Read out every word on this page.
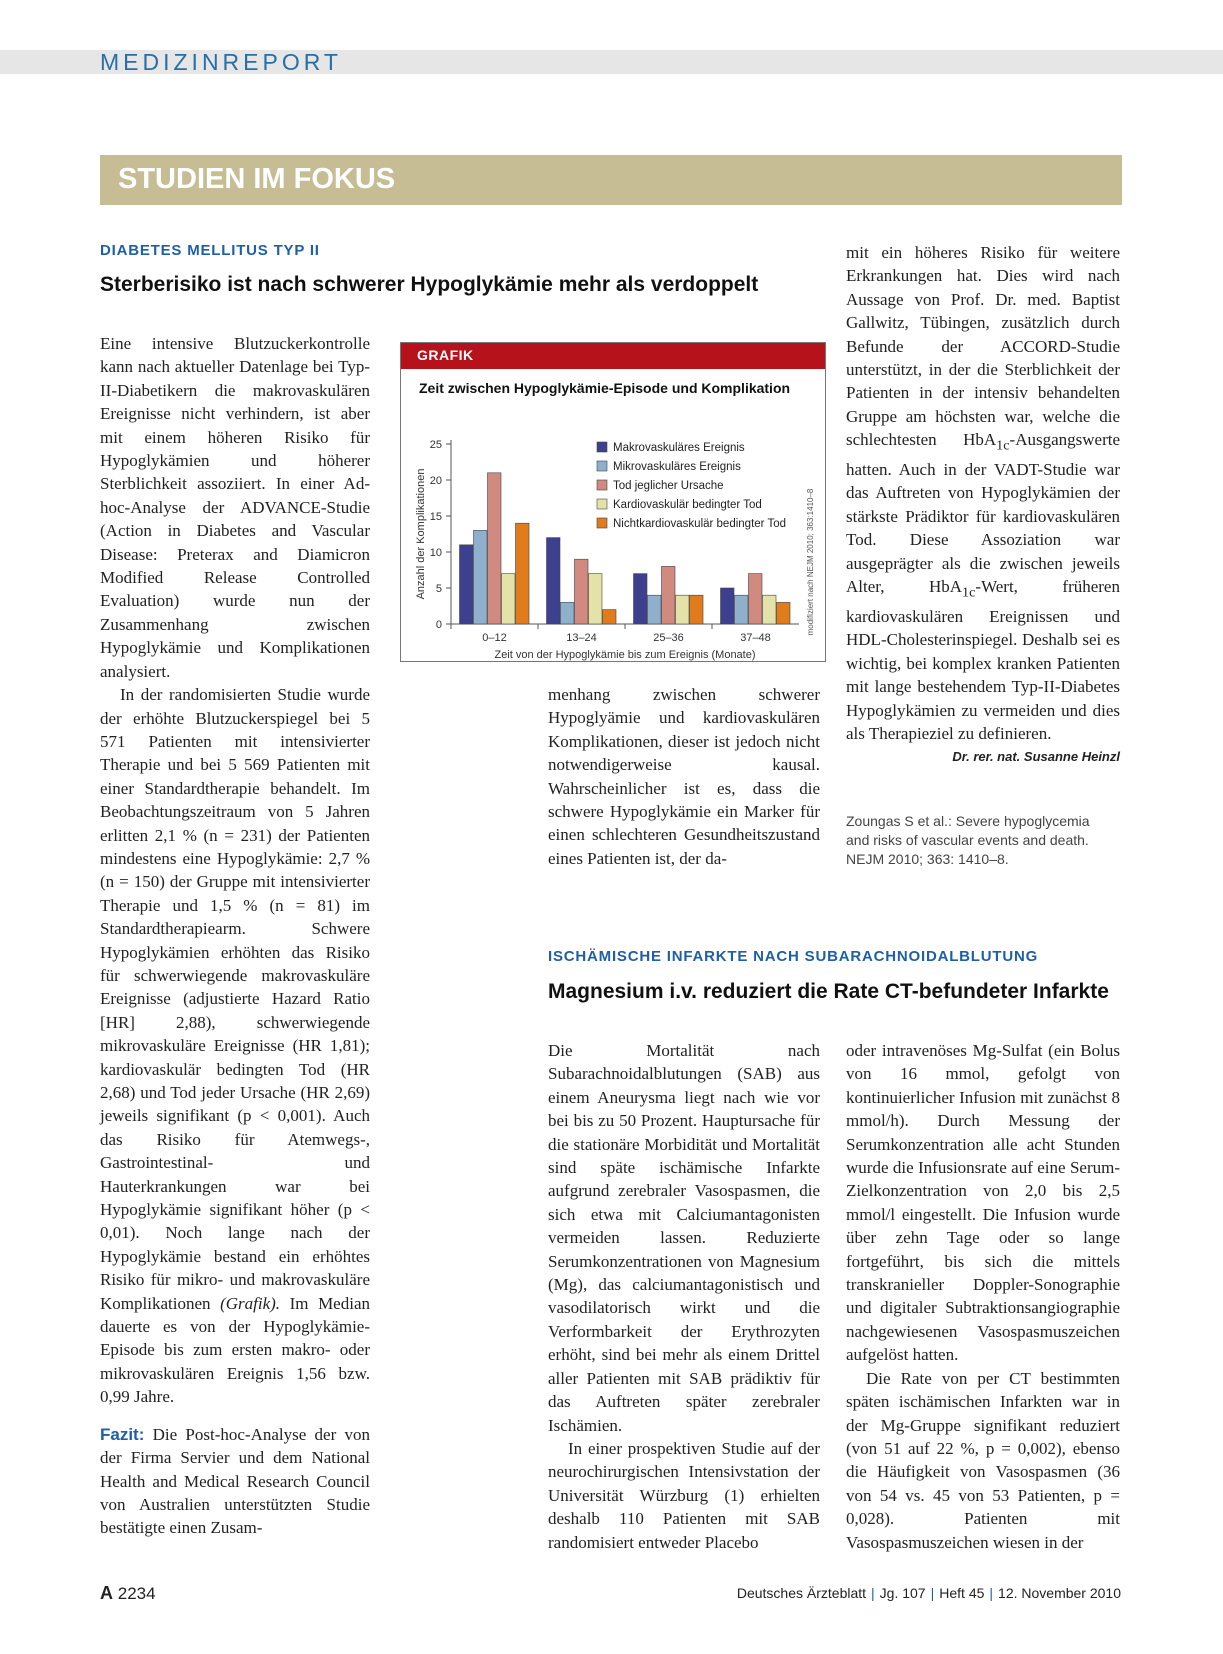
MEDIZINREPORT
STUDIEN IM FOKUS
DIABETES MELLITUS TYP II
Sterberisiko ist nach schwerer Hypoglykämie mehr als verdoppelt

Eine intensive Blutzuckerkontrolle kann nach aktueller Datenlage bei Typ-II-Diabetikern die makrovaskulären Ereignisse nicht verhindern, ist aber mit einem höheren Risiko für Hypoglykämien und höherer Sterblichkeit assoziiert. In einer Ad-hoc-Analyse der ADVANCE-Studie (Action in Diabetes and Vascular Disease: Preterax and Diamicron Modified Release Controlled Evaluation) wurde nun der Zusammenhang zwischen Hypoglykämie und Komplikationen analysiert.

In der randomisierten Studie wurde der erhöhte Blutzuckerspiegel bei 5 571 Patienten mit intensivierter Therapie und bei 5 569 Patienten mit einer Standardtherapie behandelt. Im Beobachtungszeitraum von 5 Jahren erlitten 2,1 % (n = 231) der Patienten mindestens eine Hypoglykämie: 2,7 % (n = 150) der Gruppe mit intensivierter Therapie und 1,5 % (n = 81) im Standardtherapiearm. Schwere Hypoglykämien erhöhten das Risiko für schwerwiegende makrovaskuläre Ereignisse (adjustierte Hazard Ratio [HR] 2,88), schwerwiegende mikrovaskuläre Ereignisse (HR 1,81); kardiovaskulär bedingten Tod (HR 2,68) und Tod jeder Ursache (HR 2,69) jeweils signifikant (p < 0,001). Auch das Risiko für Atemwegs-, Gastrointestinal- und Hauterkrankungen war bei Hypoglykämie signifikant höher (p < 0,01). Noch lange nach der Hypoglykämie bestand ein erhöhtes Risiko für mikro- und makrovaskuläre Komplikationen (Grafik). Im Median dauerte es von der Hypoglykämie-Episode bis zum ersten makro- oder mikrovaskulären Ereignis 1,56 bzw. 0,99 Jahre.

Fazit: Die Post-hoc-Analyse der von der Firma Servier und dem National Health and Medical Research Council von Australien unterstützten Studie bestätigte einen Zusam-

menhang zwischen schwerer Hypoglyämie und kardiovaskulären Komplikationen, dieser ist jedoch nicht notwendigerweise kausal. Wahrscheinlicher ist es, dass die schwere Hypoglykämie ein Marker für einen schlechteren Gesundheitszustand eines Patienten ist, der da-

mit ein höheres Risiko für weitere Erkrankungen hat. Dies wird nach Aussage von Prof. Dr. med. Baptist Gallwitz, Tübingen, zusätzlich durch Befunde der ACCORD-Studie unterstützt, in der die Sterblichkeit der Patienten in der intensiv behandelten Gruppe am höchsten war, welche die schlechtesten HbA$_{1c}$-Ausgangswerte hatten. Auch in der VADT-Studie war das Auftreten von Hypoglykämien der stärkste Prädiktor für kardiovaskulären Tod. Diese Assoziation war ausgeprägter als die zwischen jeweils Alter, HbA$_{1c}$-Wert, früheren kardiovaskulären Ereignissen und HDL-Cholesterinspiegel. Deshalb sei es wichtig, bei komplex kranken Patienten mit lange bestehendem Typ-II-Diabetes Hypoglykämien zu vermeiden und dies als Therapieziel zu definieren.
Dr. rer. nat. Susanne Heinzl

Zoungas S et al.: Severe hypoglycemia and risks of vascular events and death. NEJM 2010; 363: 1410–8.
GRAFIK
Zeit zwischen Hypoglykämie-Episode und Komplikation
0
5
10
15
20
25
Anzahl der Komplikationen
0–12	13–24	25–36	37–48
Zeit von der Hypoglykämie bis zum Ereignis (Monate)
Makrovaskuläres Ereignis
Mikrovaskuläres Ereignis
Tod jeglicher Ursache
Kardiovaskulär bedingter Tod
Nichtkardiovaskulär bedingter Tod modifiziert nach NEJM 2010; 363:1410–8
ISCHÄMISCHE INFARKTE NACH SUBARACHNOIDALBLUTUNG
Magnesium i.v. reduziert die Rate CT-befundeter Infarkte

Die Mortalität nach Subarachnoidalblutungen (SAB) aus einem Aneurysma liegt nach wie vor bei bis zu 50 Prozent. Hauptursache für die stationäre Morbidität und Mortalität sind späte ischämische Infarkte aufgrund zerebraler Vasospasmen, die sich etwa mit Calciumantagonisten vermeiden lassen. Reduzierte Serumkonzentrationen von Magnesium (Mg), das calciumantagonistisch und vasodilatorisch wirkt und die Verformbarkeit der Erythrozyten erhöht, sind bei mehr als einem Drittel aller Patienten mit SAB prädiktiv für das Auftreten später zerebraler Ischämien.

In einer prospektiven Studie auf der neurochirurgischen Intensivstation der Universität Würzburg (1) erhielten deshalb 110 Patienten mit SAB randomisiert entweder Placebo

oder intravenöses Mg-Sulfat (ein Bolus von 16 mmol, gefolgt von kontinuierlicher Infusion mit zunächst 8 mmol/h). Durch Messung der Serumkonzentration alle acht Stunden wurde die Infusionsrate auf eine Serum-Zielkonzentration von 2,0 bis 2,5 mmol/l eingestellt. Die Infusion wurde über zehn Tage oder so lange fortgeführt, bis sich die mittels transkranieller Doppler-Sonographie und digitaler Subtraktionsangiographie nachgewiesenen Vasospasmuszeichen aufgelöst hatten.

Die Rate von per CT bestimmten späten ischämischen Infarkten war in der Mg-Gruppe signifikant reduziert (von 51 auf 22 %, p = 0,002), ebenso die Häufigkeit von Vasospasmen (36 von 54 vs. 45 von 53 Patienten, p = 0,028). Patienten mit Vasospasmuszeichen wiesen in der

A 2234	Deutsches Ärzteblatt | Jg. 107 | Heft 45 | 12. November 2010
